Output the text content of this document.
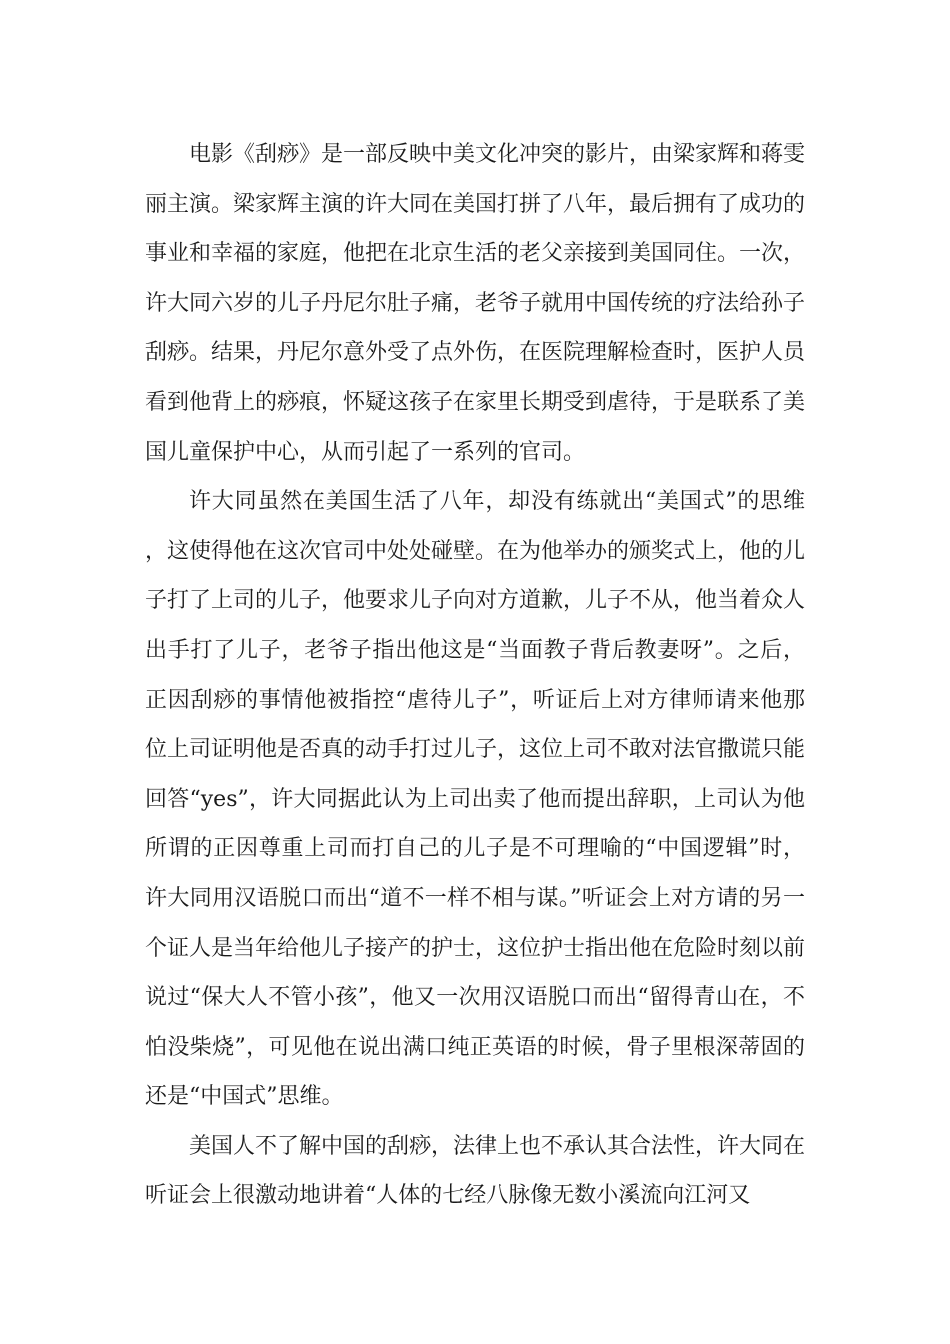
电影《刮痧》是一部反映中美文化冲突的影片，由梁家辉和蒋雯丽主演。梁家辉主演的许大同在美国打拼了八年，最后拥有了成功的事业和幸福的家庭，他把在北京生活的老父亲接到美国同住。一次，许大同六岁的儿子丹尼尔肚子痛，老爷子就用中国传统的疗法给孙子刮痧。结果，丹尼尔意外受了点外伤，在医院理解检查时，医护人员看到他背上的痧痕，怀疑这孩子在家里长期受到虐待，于是联系了美国儿童保护中心，从而引起了一系列的官司。

许大同虽然在美国生活了八年，却没有练就出“美国式”的思维，这使得他在这次官司中处处碰壁。在为他举办的颁奖式上，他的儿子打了上司的儿子，他要求儿子向对方道歉，儿子不从，他当着众人出手打了儿子，老爷子指出他这是“当面教子背后教妻呀”。之后，正因刮痧的事情他被指控“虐待儿子”，听证后上对方律师请来他那位上司证明他是否真的动手打过儿子，这位上司不敢对法官撒谎只能回答“yes”，许大同据此认为上司出卖了他而提出辞职，上司认为他所谓的正因尊重上司而打自己的儿子是不可理喻的“中国逻辑”时，许大同用汉语脱口而出“道不一样不相与谋。”听证会上对方请的另一个证人是当年给他儿子接产的护士，这位护士指出他在危险时刻以前说过“保大人不管小孩”，他又一次用汉语脱口而出“留得青山在，不怕没柴烧”，可见他在说出满口纯正英语的时候，骨子里根深蒂固的还是“中国式”思维。

美国人不了解中国的刮痧，法律上也不承认其合法性，许大同在听证会上很激动地讲着“人体的七经八脉像无数小溪流向江河又
